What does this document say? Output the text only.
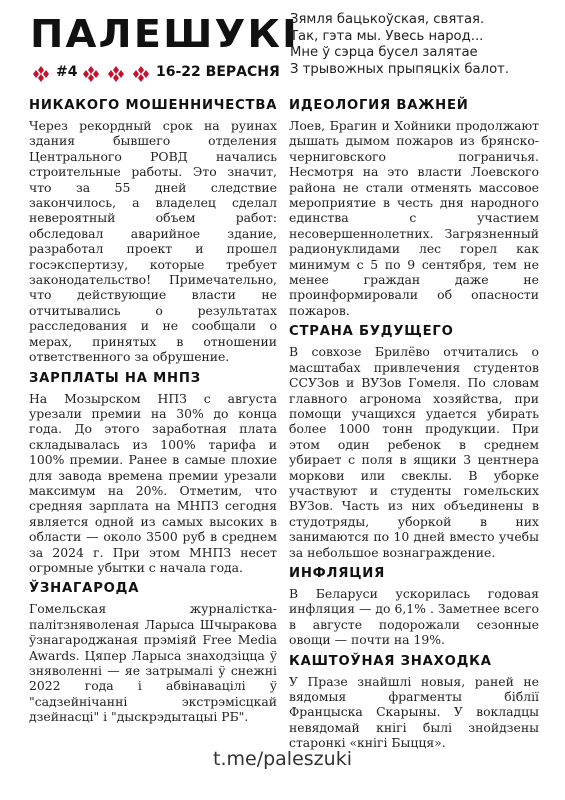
ПАЛЕШУКІ
#4	16-22 ВЕРАСНЯ
Зямля бацькоўская, святая.
Так, гэта мы. Увесь народ...
Мне ў сэрца бусел залятае
З трывожных прыпяцкіх балот.
НИКАКОГО МОШЕННИЧЕСТВА
Через рекордный срок на руинах здания бывшего отделения Центрального РОВД начались строительные работы. Это значит, что за 55 дней следствие закончилось, а владелец сделал невероятный объем работ: обследовал аварийное здание, разработал проект и прошел госэкспертизу, которые требует законодательство! Примечательно, что действующие власти не отчитывались о результатах расследования и не сообщали о мерах, принятых в отношении ответственного за обрушение.
ЗАРПЛАТЫ НА МНПЗ
На Мозырском НПЗ с августа урезали премии на 30% до конца года. До этого заработная плата складывалась из 100% тарифа и 100% премии. Ранее в самые плохие для завода времена премии урезали максимум на 20%. Отметим, что средняя зарплата на МНПЗ сегодня является одной из самых высоких в области — около 3500 руб в среднем за 2024 г. При этом МНПЗ несет огромные убытки с начала года.
ЎЗНАГАРОДА
Гомельская журналістка-палітзняволеная Ларыса Шчыракова ўзнагароджаная прэміяй Free Media Awards. Цяпер Ларыса знаходзіцца ў зняволенні — яе затрымалі ў снежні 2022 года і абвінавацілі ў "садзейнічанні экстрэмісцкай дзейнасці" і "дыскрэдытацыі РБ".
ИДЕОЛОГИЯ ВАЖНЕЙ
Лоев, Брагин и Хойники продолжают дышать дымом пожаров из брянско-черниговского пограничья. Несмотря на это власти Лоевского района не стали отменять массовое мероприятие в честь дня народного единства с участием несовершеннолетних. Загрязненный радионуклидами лес горел как минимум с 5 по 9 сентября, тем не менее граждан даже не проинформировали об опасности пожаров.
СТРАНА БУДУЩЕГО
В совхозе Брилёво отчитались о масштабах привлечения студентов ССУЗов и ВУЗов Гомеля. По словам главного агронома хозяйства, при помощи учащихся удается убирать более 1000 тонн продукции. При этом один ребенок в среднем убирает с поля в ящики 3 центнера моркови или свеклы. В уборке участвуют и студенты гомельских ВУЗов. Часть из них объединены в студотряды, уборкой в них занимаются по 10 дней вместо учебы за небольшое вознаграждение.
ИНФЛЯЦИЯ
В Беларуси ускорилась годовая инфляция — до 6,1% . Заметнее всего в августе подорожали сезонные овощи — почти на 19%.
КАШТОЎНАЯ ЗНАХОДКА
У Празе знайшлі новыя, раней не вядомыя фрагменты біблії Францыска Скарыны. У вокладцы невядомай кнігі былі знойдзены старонкі «кнігі Быцця».
t.me/paleszuki
